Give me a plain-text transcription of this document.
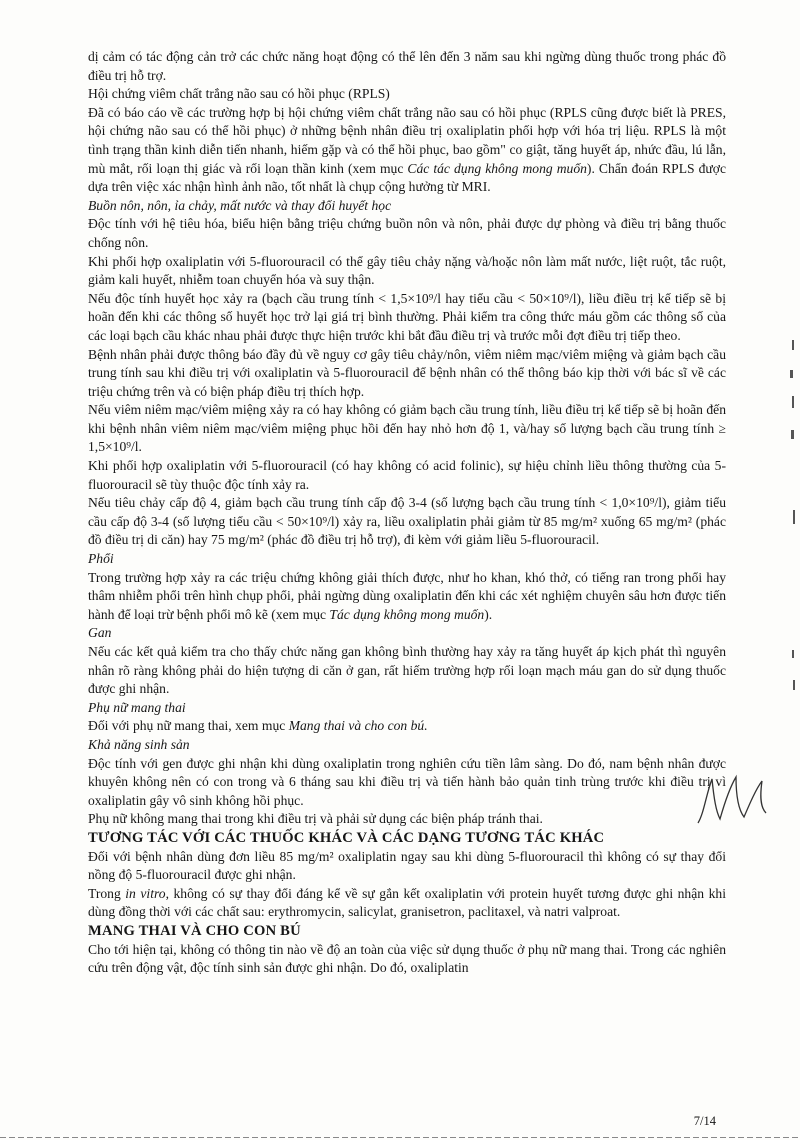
dị cảm có tác động cản trở các chức năng hoạt động có thể lên đến 3 năm sau khi ngừng dùng thuốc trong phác đồ điều trị hỗ trợ.

Hội chứng viêm chất trắng não sau có hồi phục (RPLS)

Đã có báo cáo về các trường hợp bị hội chứng viêm chất trắng não sau có hồi phục (RPLS cũng được biết là PRES, hội chứng não sau có thể hồi phục) ở những bệnh nhân điều trị oxaliplatin phối hợp với hóa trị liệu. RPLS là một tình trạng thần kinh diễn tiến nhanh, hiếm gặp và có thể hồi phục, bao gồm" co giật, tăng huyết áp, nhức đầu, lú lẫn, mù mắt, rối loạn thị giác và rối loạn thần kinh (xem mục Các tác dụng không mong muốn). Chẩn đoán RPLS được dựa trên việc xác nhận hình ảnh não, tốt nhất là chụp cộng hưởng từ MRI.

Buồn nôn, nôn, ỉa chảy, mất nước và thay đổi huyết học

Độc tính với hệ tiêu hóa, biểu hiện bằng triệu chứng buồn nôn và nôn, phải được dự phòng và điều trị bằng thuốc chống nôn.

Khi phối hợp oxaliplatin với 5-fluorouracil có thể gây tiêu chảy nặng và/hoặc nôn làm mất nước, liệt ruột, tắc ruột, giảm kali huyết, nhiễm toan chuyển hóa và suy thận.

Nếu độc tính huyết học xảy ra (bạch cầu trung tính < 1,5×10⁹/l hay tiểu cầu < 50×10⁹/l), liều điều trị kế tiếp sẽ bị hoãn đến khi các thông số huyết học trở lại giá trị bình thường. Phải kiểm tra công thức máu gồm các thông số của các loại bạch cầu khác nhau phải được thực hiện trước khi bắt đầu điều trị và trước mỗi đợt điều trị tiếp theo.

Bệnh nhân phải được thông báo đầy đủ về nguy cơ gây tiêu chảy/nôn, viêm niêm mạc/viêm miệng và giảm bạch cầu trung tính sau khi điều trị với oxaliplatin và 5-fluorouracil để bệnh nhân có thể thông báo kịp thời với bác sĩ về các triệu chứng trên và có biện pháp điều trị thích hợp.

Nếu viêm niêm mạc/viêm miệng xảy ra có hay không có giảm bạch cầu trung tính, liều điều trị kế tiếp sẽ bị hoãn đến khi bệnh nhân viêm niêm mạc/viêm miệng phục hồi đến hay nhỏ hơn độ 1, và/hay số lượng bạch cầu trung tính ≥ 1,5×10⁹/l.

Khi phối hợp oxaliplatin với 5-fluorouracil (có hay không có acid folinic), sự hiệu chỉnh liều thông thường của 5-fluorouracil sẽ tùy thuộc độc tính xảy ra.

Nếu tiêu chảy cấp độ 4, giảm bạch cầu trung tính cấp độ 3-4 (số lượng bạch cầu trung tính < 1,0×10⁹/l), giảm tiểu cầu cấp độ 3-4 (số lượng tiểu cầu < 50×10⁹/l) xảy ra, liều oxaliplatin phải giảm từ 85 mg/m² xuống 65 mg/m² (phác đồ điều trị di căn) hay 75 mg/m² (phác đồ điều trị hỗ trợ), đi kèm với giảm liều 5-fluorouracil.

Phổi

Trong trường hợp xảy ra các triệu chứng không giải thích được, như ho khan, khó thở, có tiếng ran trong phổi hay thâm nhiễm phổi trên hình chụp phổi, phải ngừng dùng oxaliplatin đến khi các xét nghiệm chuyên sâu hơn được tiến hành để loại trừ bệnh phổi mô kẽ (xem mục Tác dụng không mong muốn).

Gan

Nếu các kết quả kiểm tra cho thấy chức năng gan không bình thường hay xảy ra tăng huyết áp kịch phát thì nguyên nhân rõ ràng không phải do hiện tượng di căn ở gan, rất hiếm trường hợp rối loạn mạch máu gan do sử dụng thuốc được ghi nhận.

Phụ nữ mang thai

Đối với phụ nữ mang thai, xem mục Mang thai và cho con bú.

Khả năng sinh sản

Độc tính với gen được ghi nhận khi dùng oxaliplatin trong nghiên cứu tiền lâm sàng. Do đó, nam bệnh nhân được khuyên không nên có con trong và 6 tháng sau khi điều trị và tiến hành bảo quản tinh trùng trước khi điều trị vì oxaliplatin gây vô sinh không hồi phục.

Phụ nữ không mang thai trong khi điều trị và phải sử dụng các biện pháp tránh thai.

TƯƠNG TÁC VỚI CÁC THUỐC KHÁC VÀ CÁC DẠNG TƯƠNG TÁC KHÁC

Đối với bệnh nhân dùng đơn liều 85 mg/m² oxaliplatin ngay sau khi dùng 5-fluorouracil thì không có sự thay đổi nồng độ 5-fluorouracil được ghi nhận.

Trong in vitro, không có sự thay đổi đáng kể về sự gắn kết oxaliplatin với protein huyết tương được ghi nhận khi dùng đồng thời với các chất sau: erythromycin, salicylat, granisetron, paclitaxel, và natri valproat.

MANG THAI VÀ CHO CON BÚ

Cho tới hiện tại, không có thông tin nào về độ an toàn của việc sử dụng thuốc ở phụ nữ mang thai. Trong các nghiên cứu trên động vật, độc tính sinh sản được ghi nhận. Do đó, oxaliplatin

7/14
